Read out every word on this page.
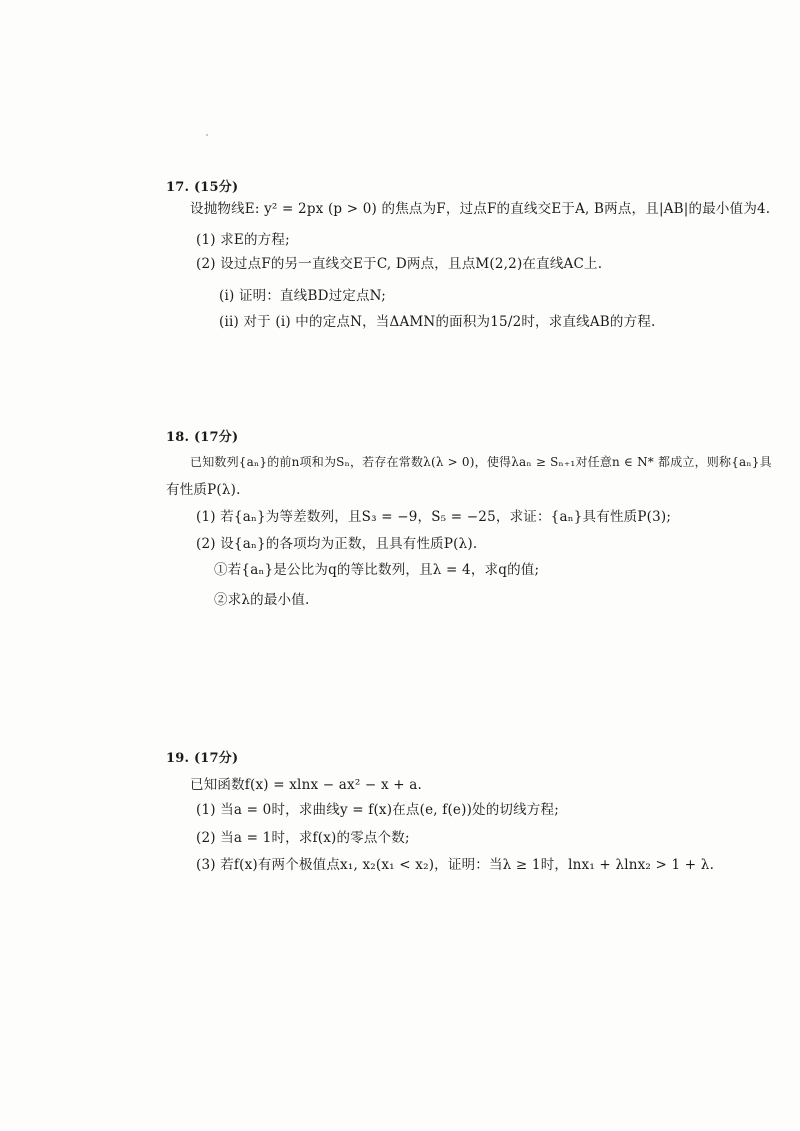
17. (15分)
设抛物线E: y² = 2px (p > 0) 的焦点为F，过点F的直线交E于A, B两点，且|AB|的最小值为4.
(1) 求E的方程;
(2) 设过点F的另一直线交E于C, D两点，且点M(2,2)在直线AC上.
(i) 证明：直线BD过定点N;
(ii) 对于 (i) 中的定点N，当ΔAMN的面积为15/2时，求直线AB的方程.
18. (17分)
已知数列{aₙ}的前n项和为Sₙ，若存在常数λ(λ > 0)，使得λaₙ ≥ Sₙ₊₁对任意n ∈ N* 都成立，则称{aₙ}具
有性质P(λ).
(1) 若{aₙ}为等差数列，且S₃ = −9，S₅ = −25，求证：{aₙ}具有性质P(3);
(2) 设{aₙ}的各项均为正数，且具有性质P(λ).
①若{aₙ}是公比为q的等比数列，且λ = 4，求q的值;
②求λ的最小值.
19. (17分)
已知函数f(x) = xlnx − ax² − x + a.
(1) 当a = 0时，求曲线y = f(x)在点(e, f(e))处的切线方程;
(2) 当a = 1时，求f(x)的零点个数;
(3) 若f(x)有两个极值点x₁, x₂(x₁ < x₂)，证明：当λ ≥ 1时，lnx₁ + λlnx₂ > 1 + λ.
